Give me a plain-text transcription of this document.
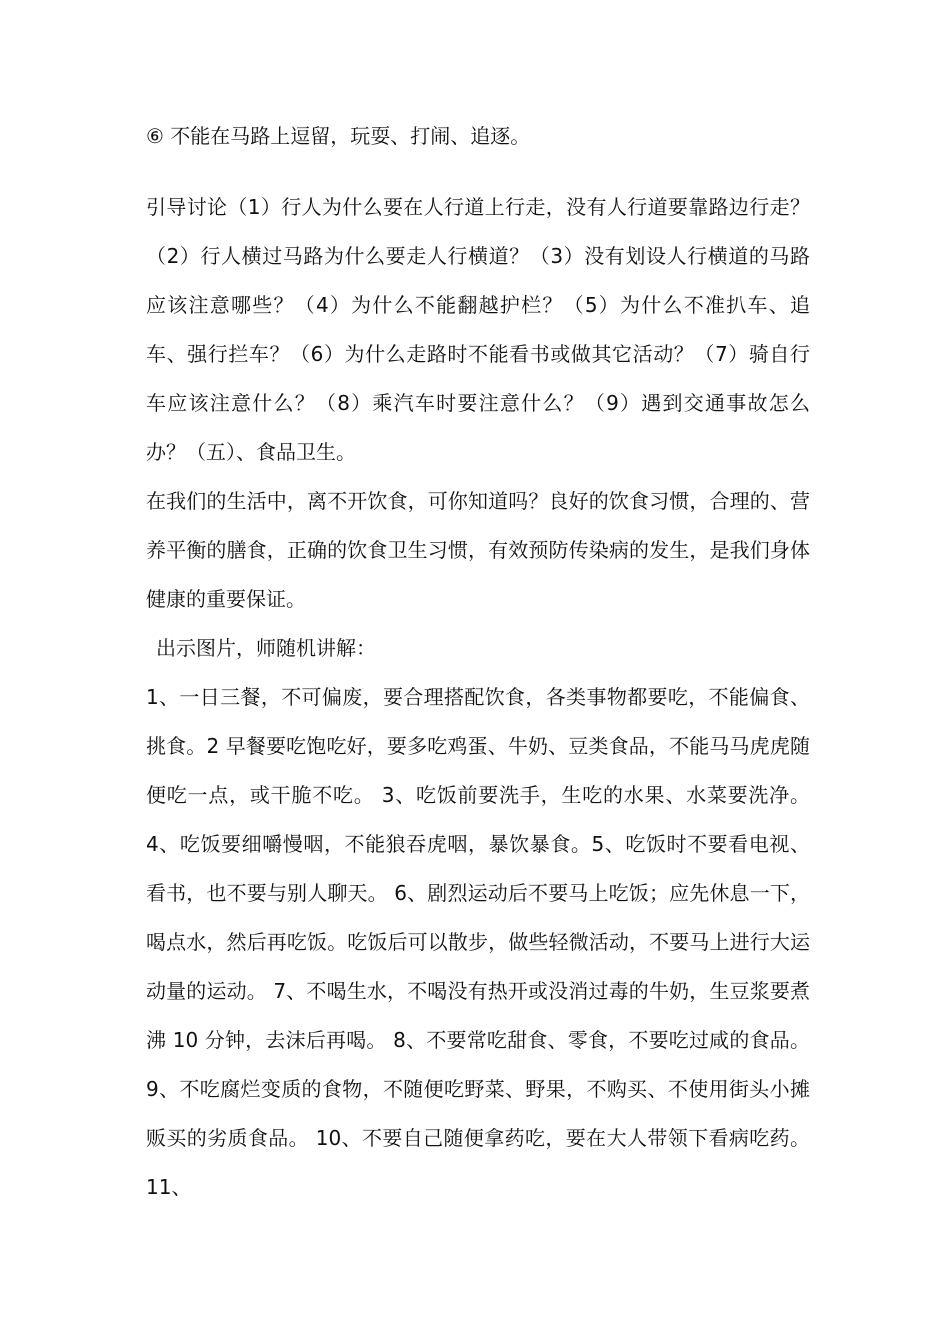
⑥ 不能在马路上逗留，玩耍、打闹、追逐。

引导讨论（1）行人为什么要在人行道上行走，没有人行道要靠路边行走？（2）行人横过马路为什么要走人行横道？（3）没有划设人行横道的马路应该注意哪些？（4）为什么不能翻越护栏？（5）为什么不准扒车、追车、强行拦车？（6）为什么走路时不能看书或做其它活动？（7）骑自行车应该注意什么？（8）乘汽车时要注意什么？（9）遇到交通事故怎么办？（五）、食品卫生。

在我们的生活中，离不开饮食，可你知道吗？良好的饮食习惯，合理的、营养平衡的膳食，正确的饮食卫生习惯，有效预防传染病的发生，是我们身体健康的重要保证。

出示图片，师随机讲解：

1、一日三餐，不可偏废，要合理搭配饮食，各类事物都要吃，不能偏食、挑食。2 早餐要吃饱吃好，要多吃鸡蛋、牛奶、豆类食品，不能马马虎虎随便吃一点，或干脆不吃。 3、吃饭前要洗手，生吃的水果、水菜要洗净。 4、吃饭要细嚼慢咽，不能狼吞虎咽，暴饮暴食。5、吃饭时不要看电视、看书，也不要与别人聊天。 6、剧烈运动后不要马上吃饭；应先休息一下，喝点水，然后再吃饭。吃饭后可以散步，做些轻微活动，不要马上进行大运动量的运动。 7、不喝生水，不喝没有热开或没消过毒的牛奶，生豆浆要煮沸 10 分钟，去沫后再喝。 8、不要常吃甜食、零食，不要吃过咸的食品。 9、不吃腐烂变质的食物，不随便吃野菜、野果，不购买、不使用街头小摊贩买的劣质食品。 10、不要自己随便拿药吃，要在大人带领下看病吃药。 11、
